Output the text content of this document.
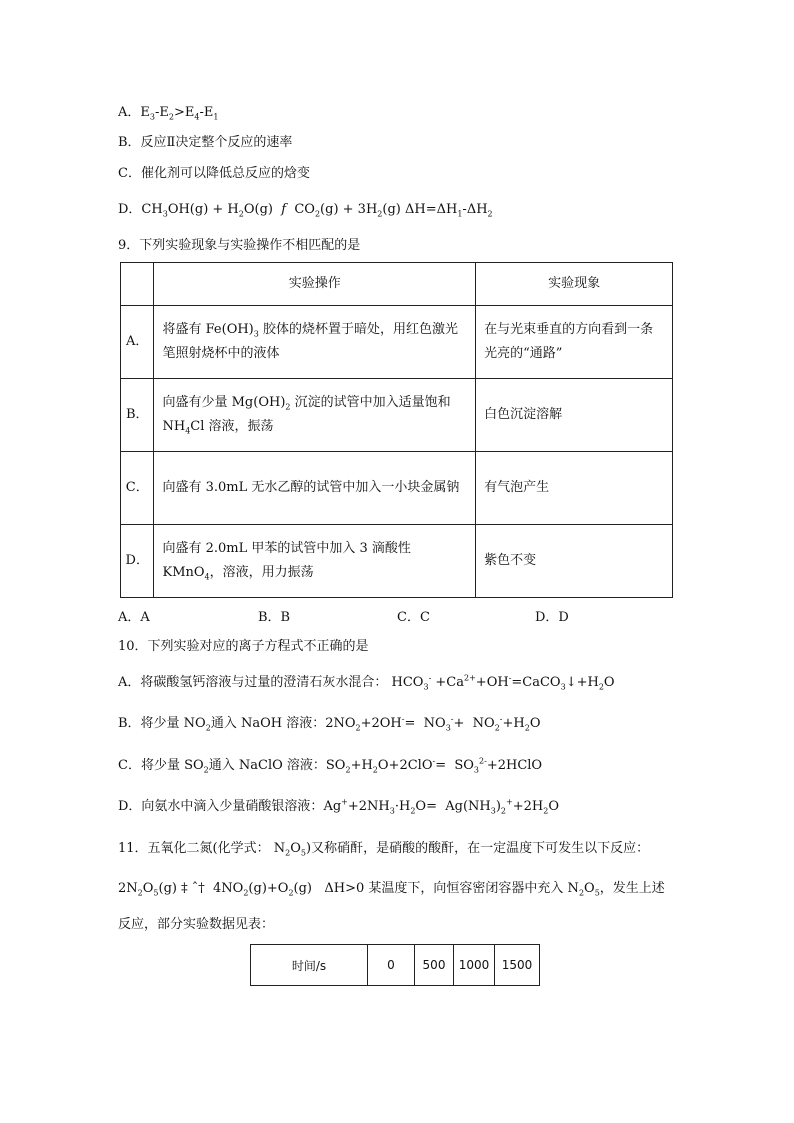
A．$E_3-E_2>E_4-E_1$
B．反应Ⅱ决定整个反应的速率
C．催化剂可以降低总反应的焓变
D．$CH_3OH(g) + H_2O(g)$  f  $CO_2(g) + 3H_2(g)$ $\Delta H=\Delta H_1-\Delta H_2$
9．下列实验现象与实验操作不相匹配的是
	实验操作	实验现象
A．	将盛有 $Fe(OH)_3$ 胶体的烧杯置于暗处，用红色激光笔照射烧杯中的液体	在与光束垂直的方向看到一条光亮的“通路”
B．	向盛有少量 $Mg(OH)_2$ 沉淀的试管中加入适量饱和 $NH_4Cl$ 溶液，振荡	白色沉淀溶解
C．	向盛有 3.0mL 无水乙醇的试管中加入一小块金属钠	有气泡产生
D．	向盛有 2.0mL 甲苯的试管中加入 3 滴酸性 KMnO$_4$，溶液，用力振荡	紫色不变
A．A	B．B	C．C	D．D
10．下列实验对应的离子方程式不正确的是
A．将碳酸氢钙溶液与过量的澄清石灰水混合： $HCO_3^-$ $+Ca^{2+}+OH^-=CaCO_3↓+H_2O$
B．将少量 $NO_2$通入 NaOH 溶液：$2NO_2+2OH^-= NO_3^-+ NO_2^-+H_2O$
C．将少量 $SO_2$通入 NaClO 溶液：$SO_2+H_2O+2ClO^-=$  $SO_3^{2-}+2HClO$
D．向氨水中滴入少量硝酸银溶液：$Ag^++2NH_3\cdot H_2O= Ag(NH_3)_2^++2H_2O$
11．五氧化二氮(化学式： $N_2O_5$)又称硝酐，是硝酸的酸酐，在一定温度下可发生以下反应：
$2N_2O_5(g)$ ‡ ˆ†  $4NO_2(g)+O_2(g)$   ΔH>0 某温度下，向恒容密闭容器中充入 $N_2O_5$，发生上述
反应，部分实验数据见表：
时间/s	0	500	1000	1500
